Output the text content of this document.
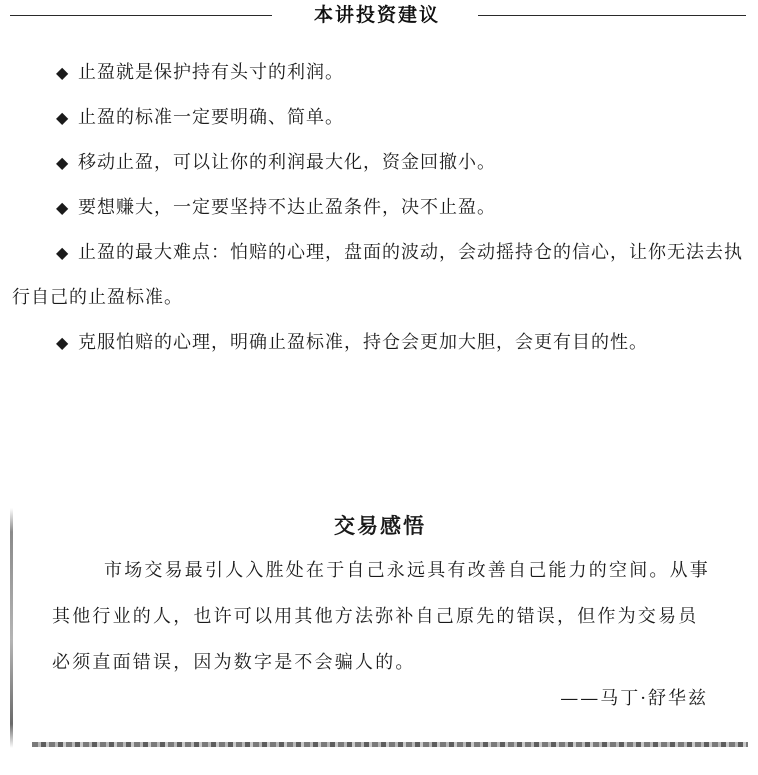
本讲投资建议

◆ 止盈就是保护持有头寸的利润。

◆ 止盈的标准一定要明确、简单。

◆ 移动止盈，可以让你的利润最大化，资金回撤小。

◆ 要想赚大，一定要坚持不达止盈条件，决不止盈。

◆ 止盈的最大难点：怕赔的心理，盘面的波动，会动摇持仓的信心，让你无法去执行自己的止盈标准。

◆ 克服怕赔的心理，明确止盈标准，持仓会更加大胆，会更有目的性。

交易感悟

市场交易最引人入胜处在于自己永远具有改善自己能力的空间。从事其他行业的人，也许可以用其他方法弥补自己原先的错误，但作为交易员必须直面错误，因为数字是不会骗人的。

——马丁·舒华兹
